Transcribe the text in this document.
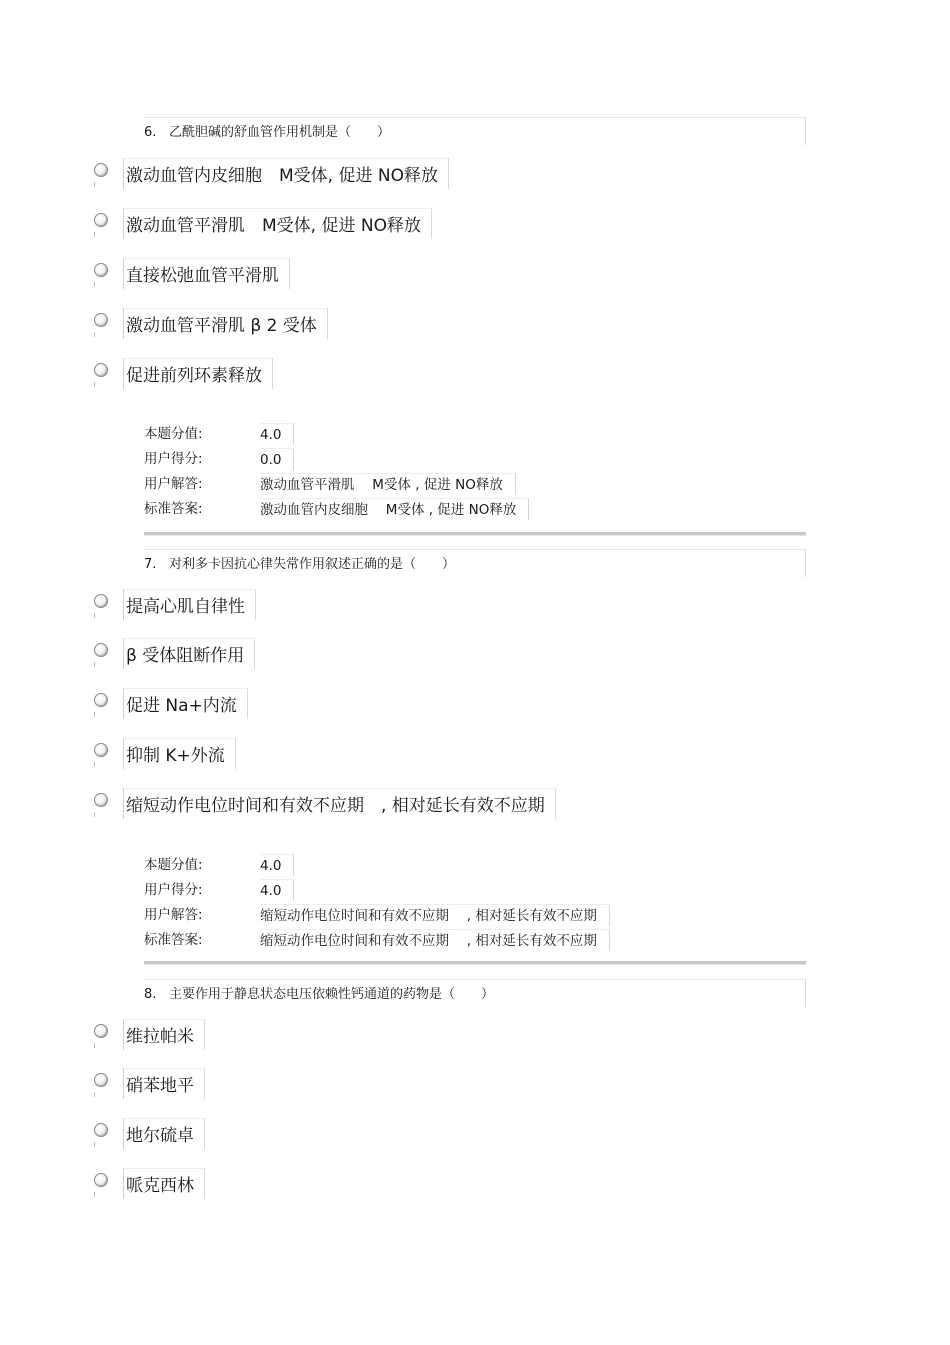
6. 乙酰胆碱的舒血管作用机制是（　　）
激动血管内皮细胞　M受体, 促进 NO释放
激动血管平滑肌　M受体, 促进 NO释放
直接松弛血管平滑肌
激动血管平滑肌 β 2 受体
促进前列环素释放
本题分值:	4.0
用户得分:	0.0
用户解答:	激动血管平滑肌　 M受体 , 促进 NO释放
标准答案:	激动血管内皮细胞　 M受体 , 促进 NO释放
7. 对利多卡因抗心律失常作用叙述正确的是（　　）
提高心肌自律性
β 受体阻断作用
促进 Na+内流
抑制 K+外流
缩短动作电位时间和有效不应期　, 相对延长有效不应期
本题分值:	4.0
用户得分:	4.0
用户解答:	缩短动作电位时间和有效不应期　 , 相对延长有效不应期
标准答案:	缩短动作电位时间和有效不应期　 , 相对延长有效不应期
8. 主要作用于静息状态电压依赖性钙通道的药物是（　　）
维拉帕米
硝苯地平
地尔硫卓
哌克西林
